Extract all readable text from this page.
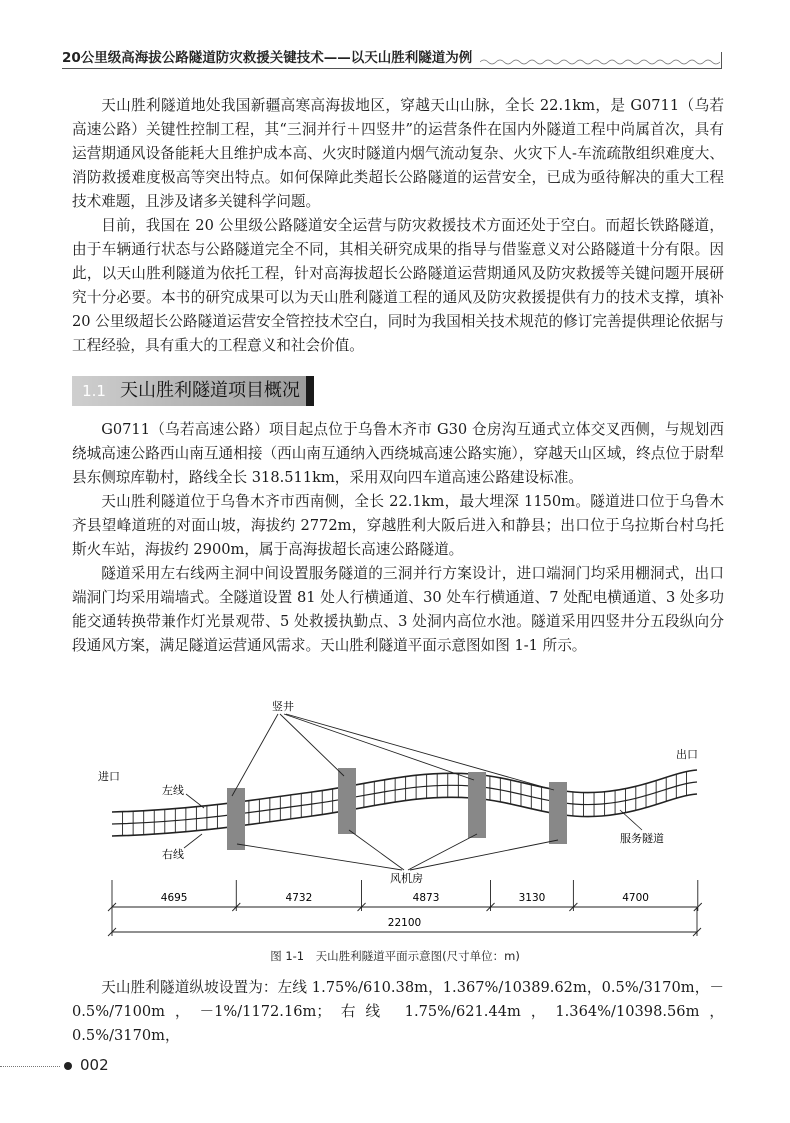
20公里级高海拔公路隧道防灾救援关键技术——以天山胜利隧道为例

天山胜利隧道地处我国新疆高寒高海拔地区，穿越天山山脉，全长 22.1km，是 G0711（乌若高速公路）关键性控制工程，其“三洞并行＋四竖井”的运营条件在国内外隧道工程中尚属首次，具有运营期通风设备能耗大且维护成本高、火灾时隧道内烟气流动复杂、火灾下人-车流疏散组织难度大、消防救援难度极高等突出特点。如何保障此类超长公路隧道的运营安全，已成为亟待解决的重大工程技术难题，且涉及诸多关键科学问题。

目前，我国在 20 公里级公路隧道安全运营与防灾救援技术方面还处于空白。而超长铁路隧道，由于车辆通行状态与公路隧道完全不同，其相关研究成果的指导与借鉴意义对公路隧道十分有限。因此，以天山胜利隧道为依托工程，针对高海拔超长公路隧道运营期通风及防灾救援等关键问题开展研究十分必要。本书的研究成果可以为天山胜利隧道工程的通风及防灾救援提供有力的技术支撑，填补 20 公里级超长公路隧道运营安全管控技术空白，同时为我国相关技术规范的修订完善提供理论依据与工程经验，具有重大的工程意义和社会价值。

1.1 天山胜利隧道项目概况

G0711（乌若高速公路）项目起点位于乌鲁木齐市 G30 仓房沟互通式立体交叉西侧，与规划西绕城高速公路西山南互通相接（西山南互通纳入西绕城高速公路实施），穿越天山区域，终点位于尉犁县东侧琼库勒村，路线全长 318.511km，采用双向四车道高速公路建设标准。

天山胜利隧道位于乌鲁木齐市西南侧，全长 22.1km，最大埋深 1150m。隧道进口位于乌鲁木齐县望峰道班的对面山坡，海拔约 2772m，穿越胜利大阪后进入和静县；出口位于乌拉斯台村乌托斯火车站，海拔约 2900m，属于高海拔超长高速公路隧道。

隧道采用左右线两主洞中间设置服务隧道的三洞并行方案设计，进口端洞门均采用棚洞式，出口端洞门均采用端墙式。全隧道设置 81 处人行横通道、30 处车行横通道、7 处配电横通道、3 处多功能交通转换带兼作灯光景观带、5 处救援执勤点、3 处洞内高位水池。隧道采用四竖井分五段纵向分段通风方案，满足隧道运营通风需求。天山胜利隧道平面示意图如图 1-1 所示。

竖井
进口
出口
左线
右线
服务隧道
风机房
4695	4732	4873	3130	4700
22100
图 1-1　天山胜利隧道平面示意图(尺寸单位：m)

天山胜利隧道纵坡设置为：左线 1.75%/610.38m，1.367%/10389.62m，0.5%/3170m，－0.5%/7100m，－1%/1172.16m；右线 1.75%/621.44m，1.364%/10398.56m，0.5%/3170m，

002
